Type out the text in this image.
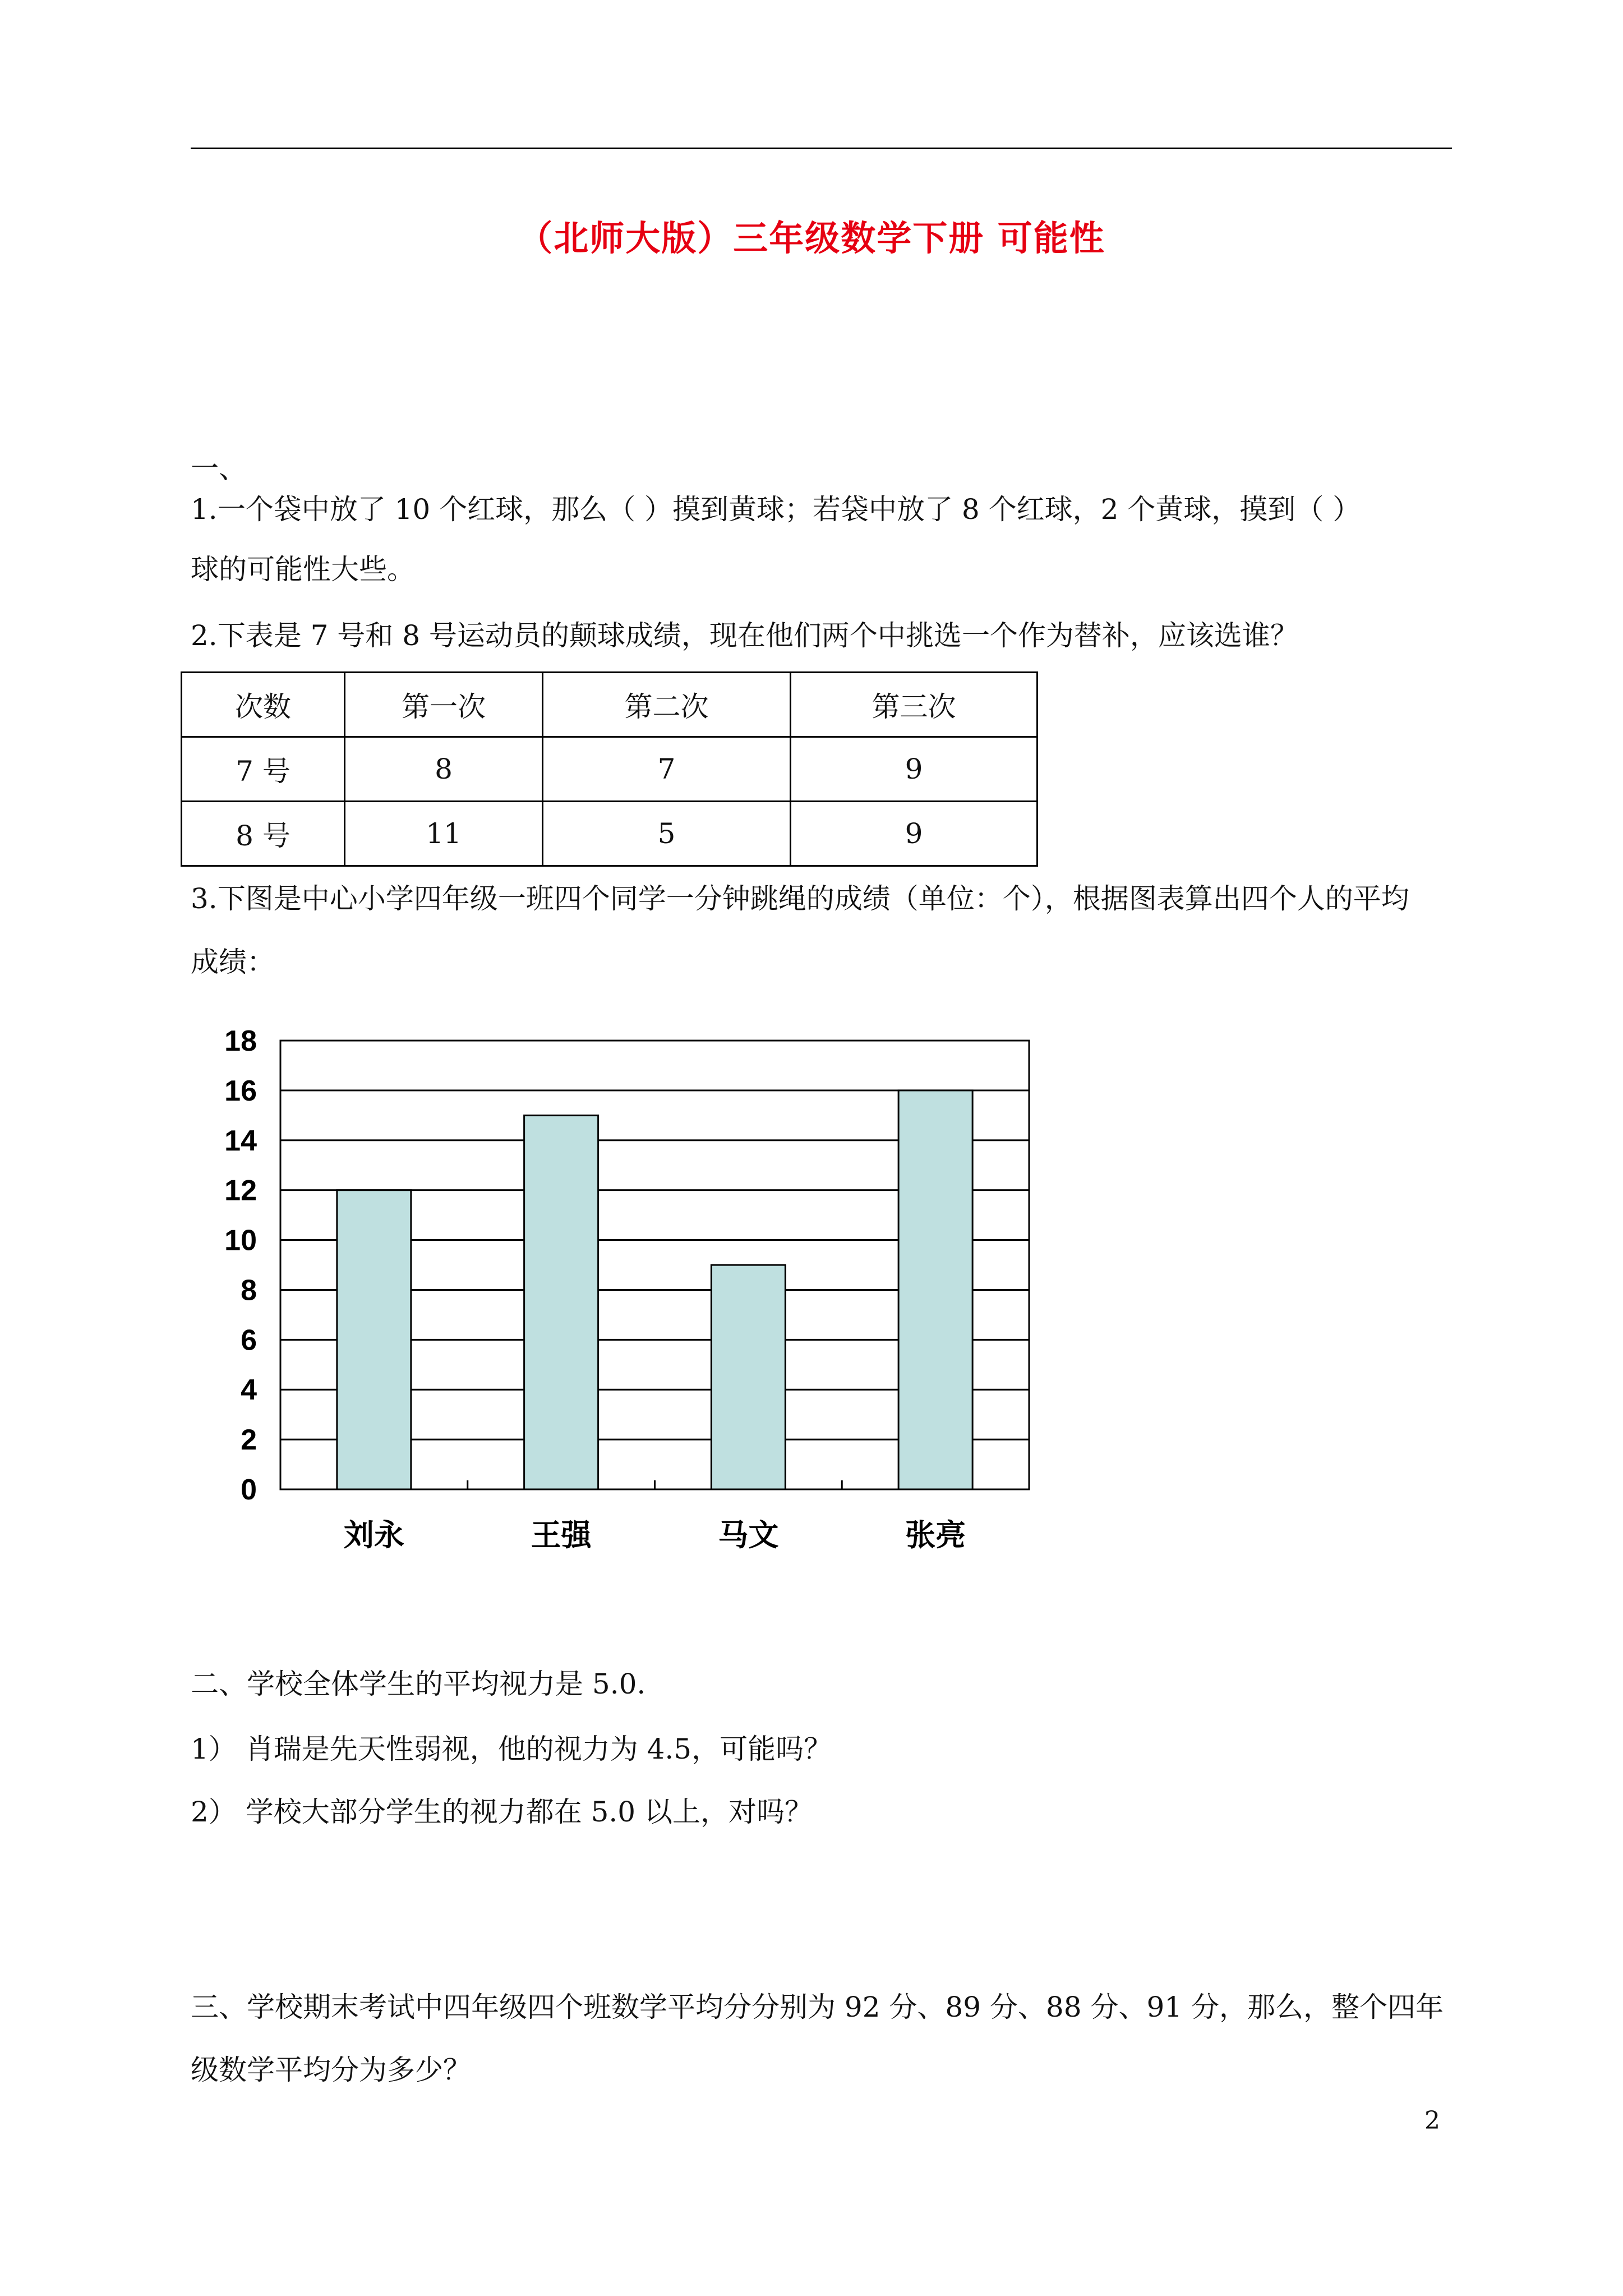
（北师大版）三年级数学下册 可能性
一、
1.一个袋中放了 10 个红球，那么（ ）摸到黄球；若袋中放了 8 个红球，2 个黄球，摸到（ ）
球的可能性大些。
2.下表是 7 号和 8 号运动员的颠球成绩，现在他们两个中挑选一个作为替补，应该选谁？
次数	第一次	第二次	第三次
7 号	8	7	9
8 号	11	5	9
3.下图是中心小学四年级一班四个同学一分钟跳绳的成绩（单位：个），根据图表算出四个人的平均
成绩：
0
2
4
6
8
10
12
14
16
18
刘永	王强	马文	张亮
二、学校全体学生的平均视力是 5.0.
1） 肖瑞是先天性弱视，他的视力为 4.5，可能吗？
2） 学校大部分学生的视力都在 5.0 以上，对吗？
三、学校期末考试中四年级四个班数学平均分分别为 92 分、89 分、88 分、91 分，那么，整个四年
级数学平均分为多少？
2
